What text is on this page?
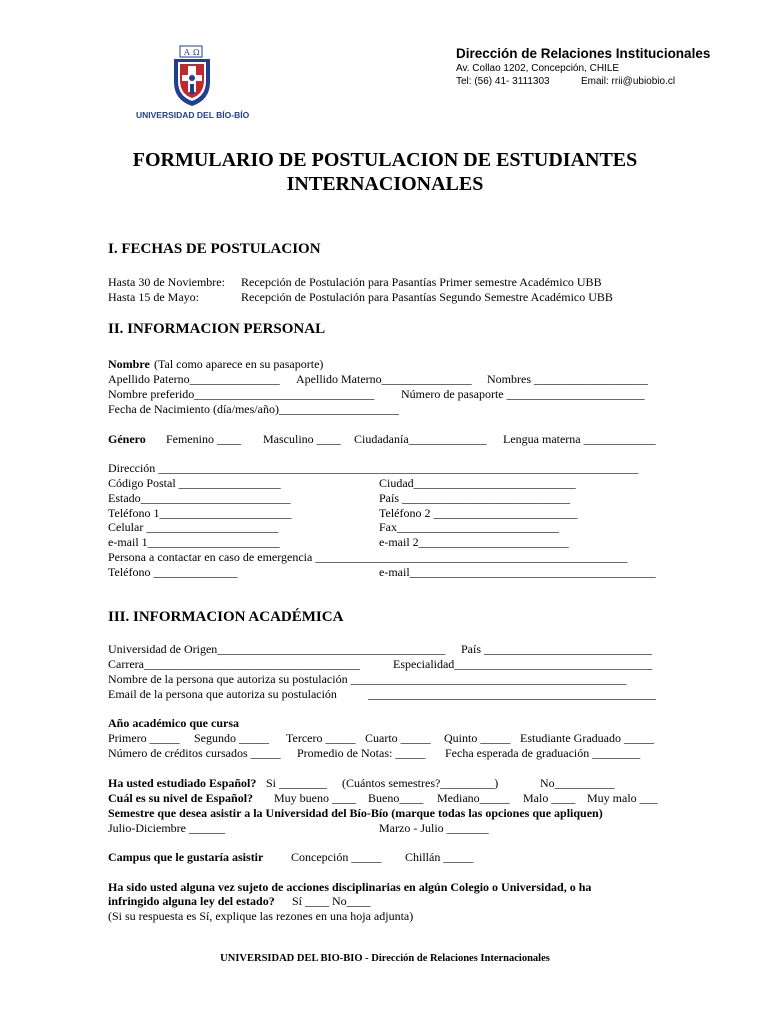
A Ω
UNIVERSIDAD DEL BÍO-BÍO
Dirección de Relaciones Institucionales
Av. Collao 1202, Concepción, CHILE
Tel: (56) 41- 3111303	Email: rrii@ubiobio.cl
FORMULARIO DE POSTULACION DE ESTUDIANTES
INTERNACIONALES
I. FECHAS DE POSTULACION
Hasta 30 de Noviembre: Recepción de Postulación para Pasantías Primer semestre Académico UBB
Hasta 15 de Mayo:	Recepción de Postulación para Pasantías Segundo Semestre Académico UBB
II. INFORMACION PERSONAL
Nombre (Tal como aparece en su pasaporte)
Apellido Paterno_______________ Apellido Materno_______________ Nombres ___________________
Nombre preferido______________________________ Número de pasaporte _______________________
Fecha de Nacimiento (día/mes/año)____________________
Género Femenino ____ Masculino ____ Ciudadanía_____________ Lengua materna ____________
Dirección ________________________________________________________________________________
Código Postal _________________	Ciudad___________________________
Estado_________________________	País ____________________________
Teléfono 1______________________	Teléfono 2 ________________________
Celular ______________________	Fax___________________________
e-mail 1______________________	e-mail 2_________________________
Persona a contactar en caso de emergencia ____________________________________________________
Teléfono ______________	e-mail_________________________________________
III. INFORMACION ACADÉMICA
Universidad de Origen______________________________________ País ____________________________
Carrera____________________________________	Especialidad_________________________________
Nombre de la persona que autoriza su postulación ______________________________________________
Email de la persona que autoriza su postulación	________________________________________________
Año académico que cursa
Primero _____ Segundo _____ Tercero _____ Cuarto _____ Quinto _____ Estudiante Graduado _____
Número de créditos cursados _____ Promedio de Notas: _____ Fecha esperada de graduación ________
Ha usted estudiado Español? Si ________ (Cuántos semestres?_________)	No__________
Cuál es su nivel de Español? Muy bueno ____ Bueno____ Mediano_____ Malo ____ Muy malo ___
Semestre que desea asistir a la Universidad del Bío-Bío (marque todas las opciones que apliquen)
Julio-Diciembre ______	Marzo - Julio _______
Campus que le gustaría asistir Concepción _____ Chillán _____
Ha sido usted alguna vez sujeto de acciones disciplinarias en algún Colegio o Universidad, o ha
infringido alguna ley del estado? Sí ____ No____
(Si su respuesta es Sí, explique las rezones en una hoja adjunta)
UNIVERSIDAD DEL BIO-BIO - Dirección de Relaciones Internacionales
